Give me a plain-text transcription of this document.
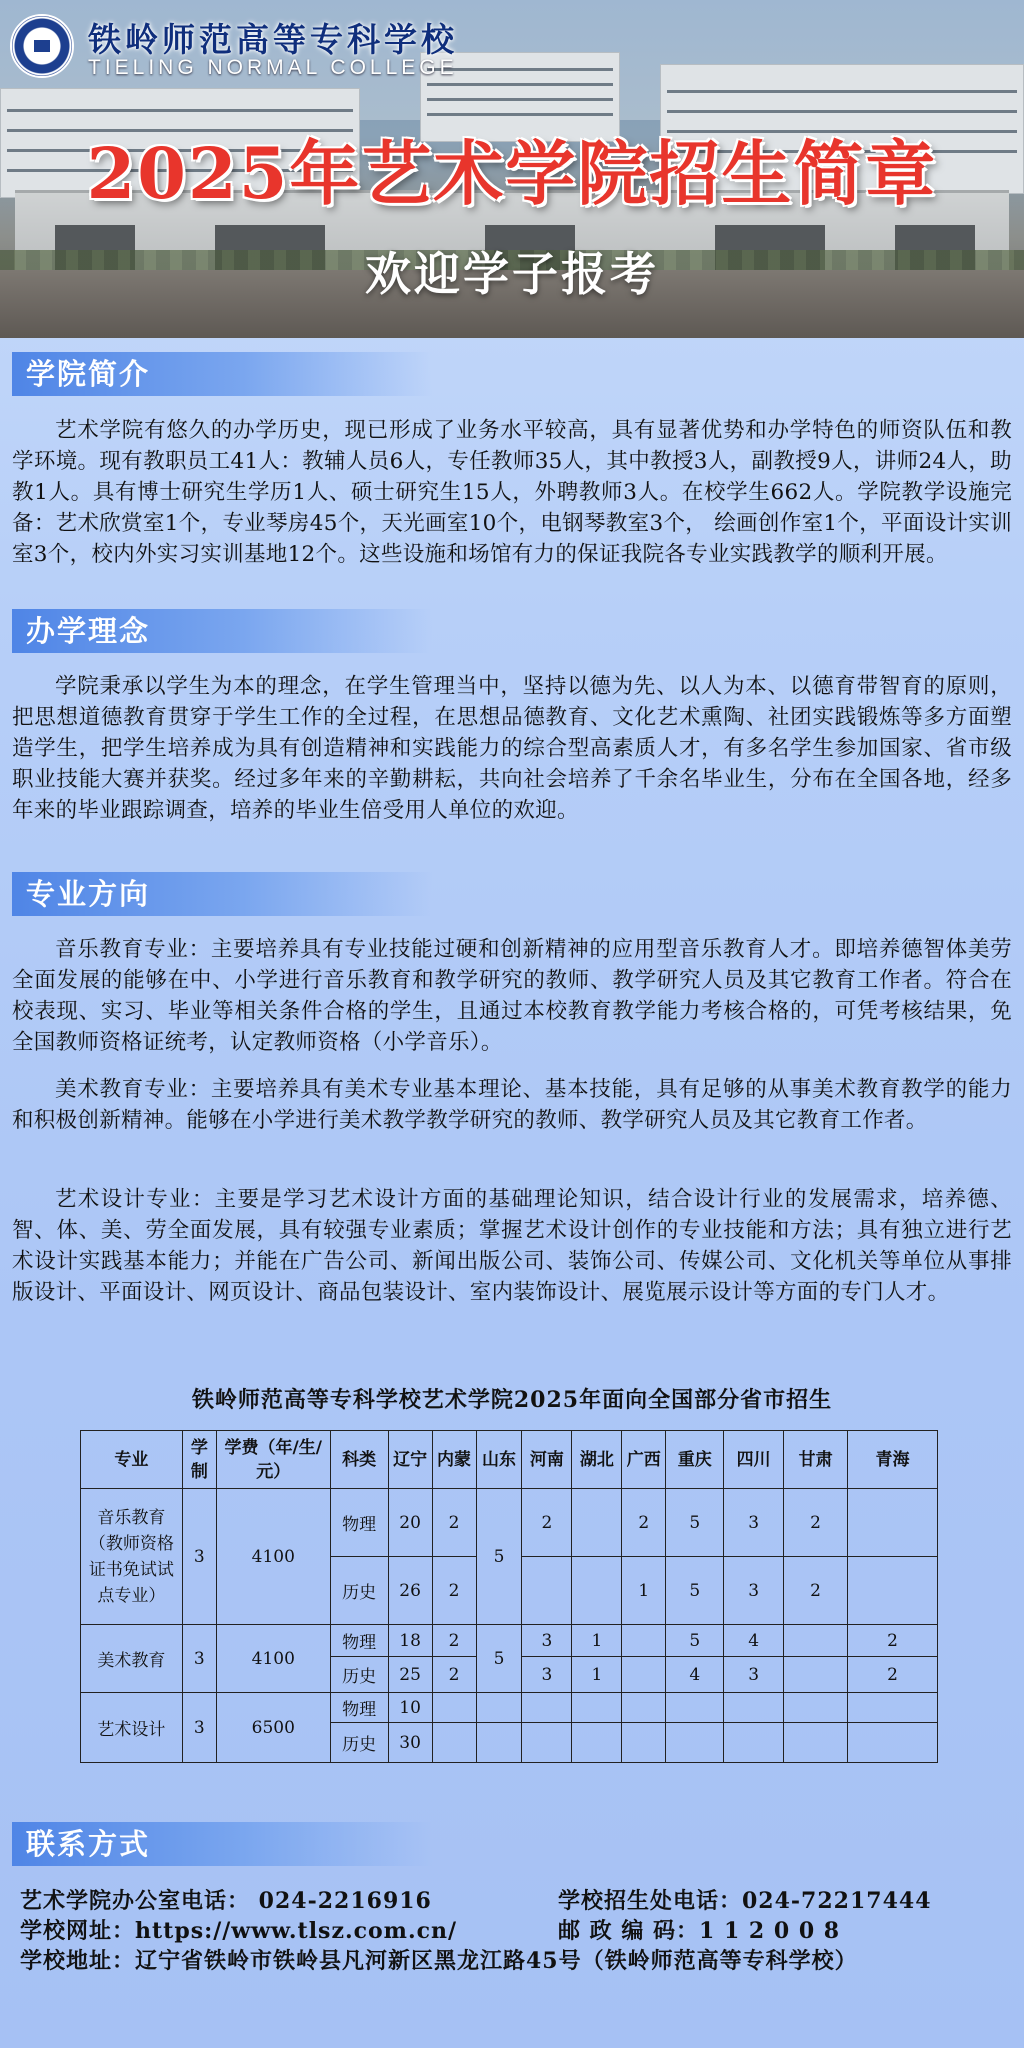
铁岭师范高等专科学校
TIELING NORMAL COLLEGE
2025年艺术学院招生简章
欢迎学子报考
学院简介

艺术学院有悠久的办学历史，现已形成了业务水平较高，具有显著优势和办学特色的师资队伍和教学环境。现有教职员工41人：教辅人员6人，专任教师35人，其中教授3人，副教授9人，讲师24人，助教1人。具有博士研究生学历1人、硕士研究生15人，外聘教师3人。在校学生662人。学院教学设施完备：艺术欣赏室1个，专业琴房45个，天光画室10个，电钢琴教室3个， 绘画创作室1个，平面设计实训室3个，校内外实习实训基地12个。这些设施和场馆有力的保证我院各专业实践教学的顺利开展。

办学理念

学院秉承以学生为本的理念，在学生管理当中，坚持以德为先、以人为本、以德育带智育的原则，把思想道德教育贯穿于学生工作的全过程，在思想品德教育、文化艺术熏陶、社团实践锻炼等多方面塑造学生，把学生培养成为具有创造精神和实践能力的综合型高素质人才，有多名学生参加国家、省市级职业技能大赛并获奖。经过多年来的辛勤耕耘，共向社会培养了千余名毕业生，分布在全国各地，经多年来的毕业跟踪调查，培养的毕业生倍受用人单位的欢迎。

专业方向

音乐教育专业：主要培养具有专业技能过硬和创新精神的应用型音乐教育人才。即培养德智体美劳全面发展的能够在中、小学进行音乐教育和教学研究的教师、教学研究人员及其它教育工作者。符合在校表现、实习、毕业等相关条件合格的学生，且通过本校教育教学能力考核合格的，可凭考核结果，免全国教师资格证统考，认定教师资格（小学音乐）。

美术教育专业：主要培养具有美术专业基本理论、基本技能，具有足够的从事美术教育教学的能力和积极创新精神。能够在小学进行美术教学教学研究的教师、教学研究人员及其它教育工作者。

艺术设计专业：主要是学习艺术设计方面的基础理论知识，结合设计行业的发展需求，培养德、智、体、美、劳全面发展，具有较强专业素质；掌握艺术设计创作的专业技能和方法；具有独立进行艺术设计实践基本能力；并能在广告公司、新闻出版公司、装饰公司、传媒公司、文化机关等单位从事排版设计、平面设计、网页设计、商品包装设计、室内装饰设计、展览展示设计等方面的专门人才。

铁岭师范高等专科学校艺术学院2025年面向全国部分省市招生
专业	学制	学费（年/生/元）	科类	辽宁	内蒙	山东	河南	湖北	广西	重庆	四川	甘肃	青海
音乐教育（教师资格证书免试试点专业）	3	4100	物理	20	2	5	2		2	5	3	2	
			历史	26	2				1	5	3	2	
美术教育	3	4100	物理	18	2	5	3	1		5	4		2
			历史	25	2		3	1		4	3		2
艺术设计	3	6500	物理	10									
			历史	30									
联系方式
艺术学院办公室电话： 024-2216916	学校招生处电话：024-72217444
学校网址：https://www.tlsz.com.cn/	邮 政 编 码：1 1 2 0 0 8
学校地址：辽宁省铁岭市铁岭县凡河新区黑龙江路45号（铁岭师范高等专科学校）
